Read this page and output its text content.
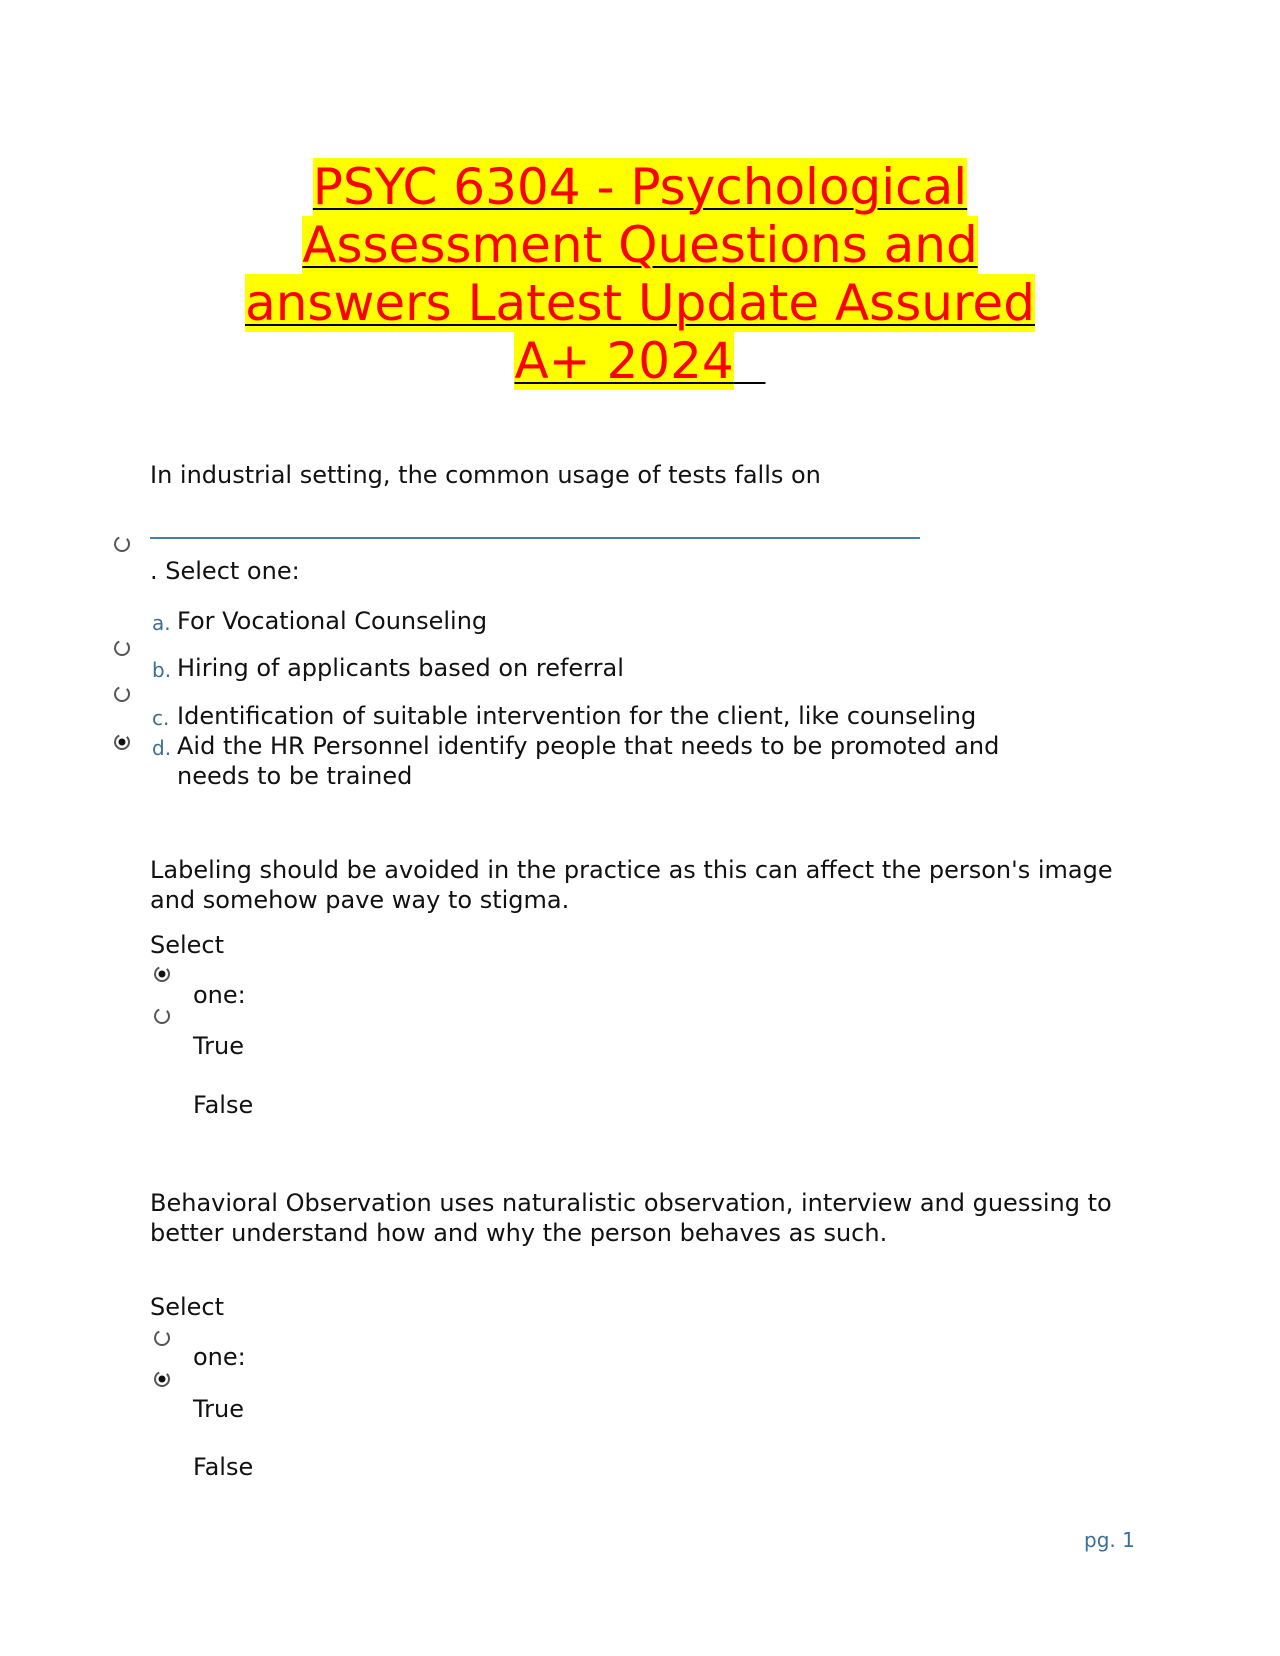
PSYC 6304 - Psychological
Assessment Questions and
answers Latest Update Assured
A+ 2024

In industrial setting, the common usage of tests falls on

. Select one:
a. For Vocational Counseling
b. Hiring of applicants based on referral
c. Identification of suitable intervention for the client, like counseling
d. Aid the HR Personnel identify people that needs to be promoted and
needs to be trained

Labeling should be avoided in the practice as this can affect the person's image and somehow pave way to stigma.

Select
one:
True
False

Behavioral Observation uses naturalistic observation, interview and guessing to better understand how and why the person behaves as such.

Select
one:
True
False
pg. 1
